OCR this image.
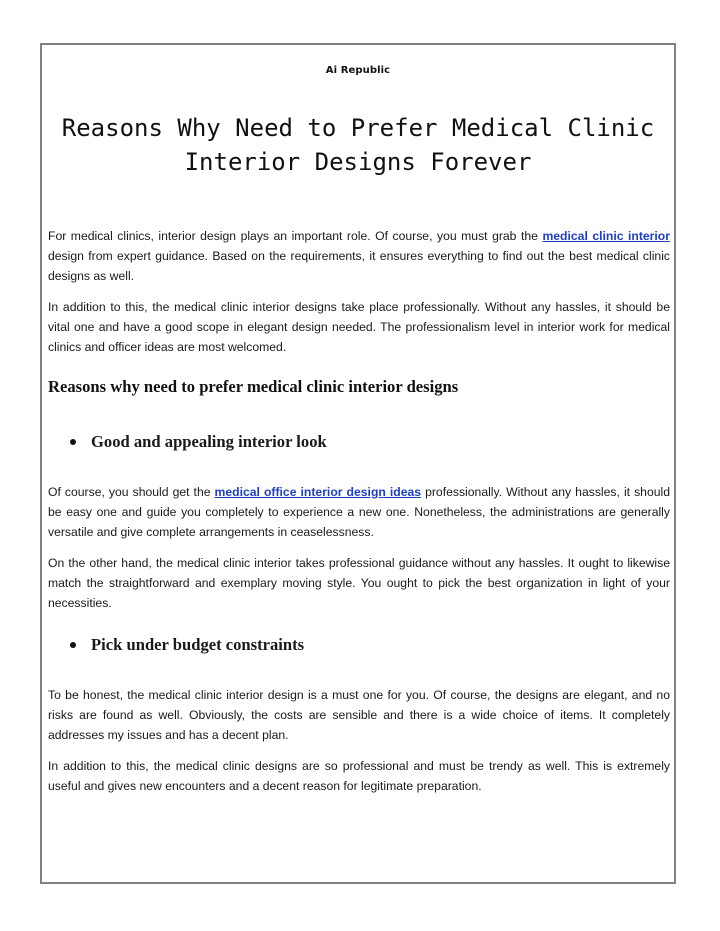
Ai Republic
Reasons Why Need to Prefer Medical Clinic
Interior Designs Forever

For medical clinics, interior design plays an important role. Of course, you must grab the medical clinic interior design from expert guidance. Based on the requirements, it ensures everything to find out the best medical clinic designs as well.

In addition to this, the medical clinic interior designs take place professionally. Without any hassles, it should be vital one and have a good scope in elegant design needed. The professionalism level in interior work for medical clinics and officer ideas are most welcomed.

Reasons why need to prefer medical clinic interior designs
Good and appealing interior look

Of course, you should get the medical office interior design ideas professionally. Without any hassles, it should be easy one and guide you completely to experience a new one. Nonetheless, the administrations are generally versatile and give complete arrangements in ceaselessness.

On the other hand, the medical clinic interior takes professional guidance without any hassles. It ought to likewise match the straightforward and exemplary moving style. You ought to pick the best organization in light of your necessities.

Pick under budget constraints

To be honest, the medical clinic interior design is a must one for you. Of course, the designs are elegant, and no risks are found as well. Obviously, the costs are sensible and there is a wide choice of items. It completely addresses my issues and has a decent plan.

In addition to this, the medical clinic designs are so professional and must be trendy as well. This is extremely useful and gives new encounters and a decent reason for legitimate preparation.
